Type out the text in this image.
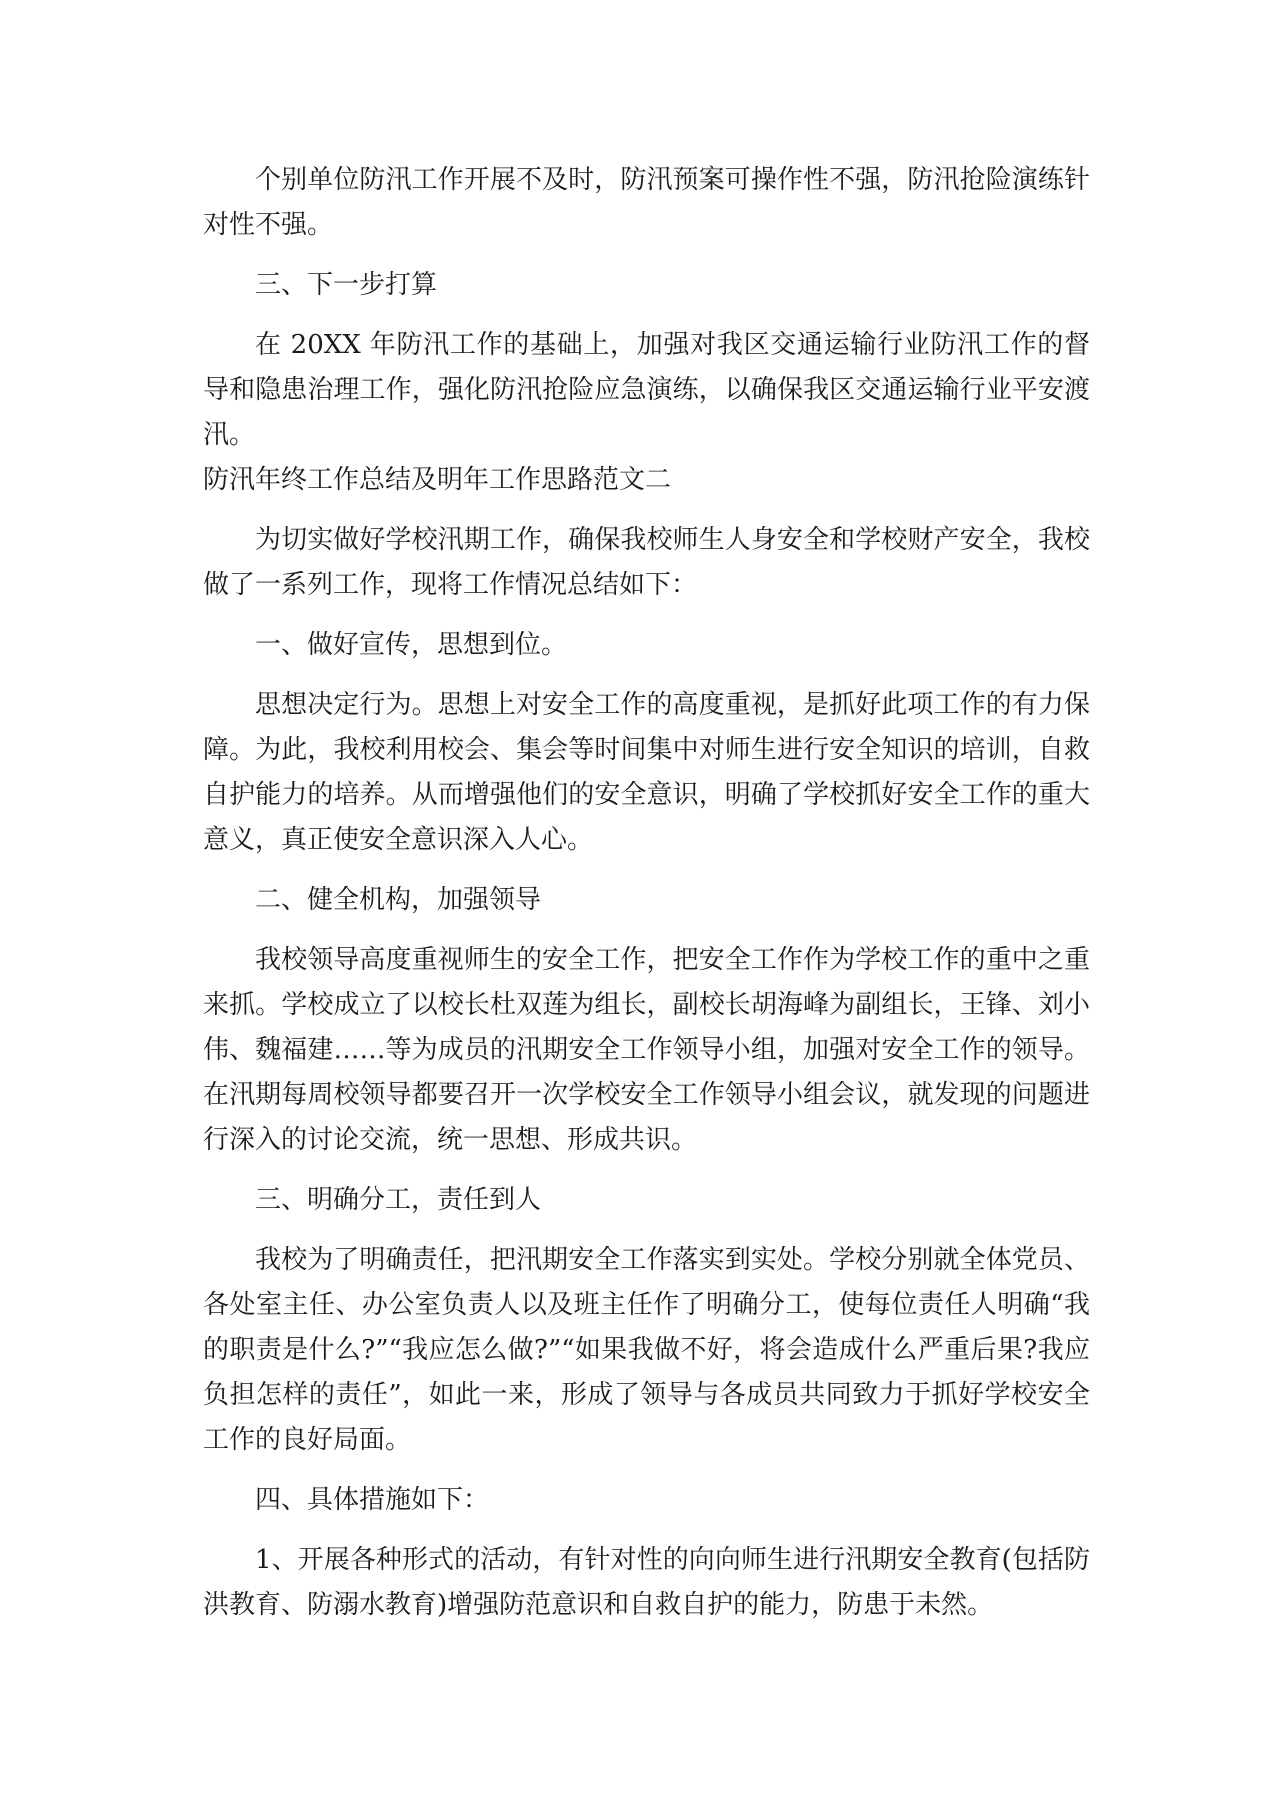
个别单位防汛工作开展不及时，防汛预案可操作性不强，防汛抢险演练针对性不强。

三、下一步打算

在 20XX 年防汛工作的基础上，加强对我区交通运输行业防汛工作的督导和隐患治理工作，强化防汛抢险应急演练，以确保我区交通运输行业平安渡汛。

防汛年终工作总结及明年工作思路范文二

为切实做好学校汛期工作，确保我校师生人身安全和学校财产安全，我校做了一系列工作，现将工作情况总结如下：

一、做好宣传，思想到位。

思想决定行为。思想上对安全工作的高度重视，是抓好此项工作的有力保障。为此，我校利用校会、集会等时间集中对师生进行安全知识的培训，自救自护能力的培养。从而增强他们的安全意识，明确了学校抓好安全工作的重大意义，真正使安全意识深入人心。

二、健全机构，加强领导

我校领导高度重视师生的安全工作，把安全工作作为学校工作的重中之重来抓。学校成立了以校长杜双莲为组长，副校长胡海峰为副组长，王锋、刘小伟、魏福建……等为成员的汛期安全工作领导小组，加强对安全工作的领导。在汛期每周校领导都要召开一次学校安全工作领导小组会议，就发现的问题进行深入的讨论交流，统一思想、形成共识。

三、明确分工，责任到人

我校为了明确责任，把汛期安全工作落实到实处。学校分别就全体党员、各处室主任、办公室负责人以及班主任作了明确分工，使每位责任人明确“我的职责是什么?”“我应怎么做?”“如果我做不好，将会造成什么严重后果?我应负担怎样的责任”，如此一来，形成了领导与各成员共同致力于抓好学校安全工作的良好局面。

四、具体措施如下：

1、开展各种形式的活动，有针对性的向向师生进行汛期安全教育(包括防洪教育、防溺水教育)增强防范意识和自救自护的能力，防患于未然。
